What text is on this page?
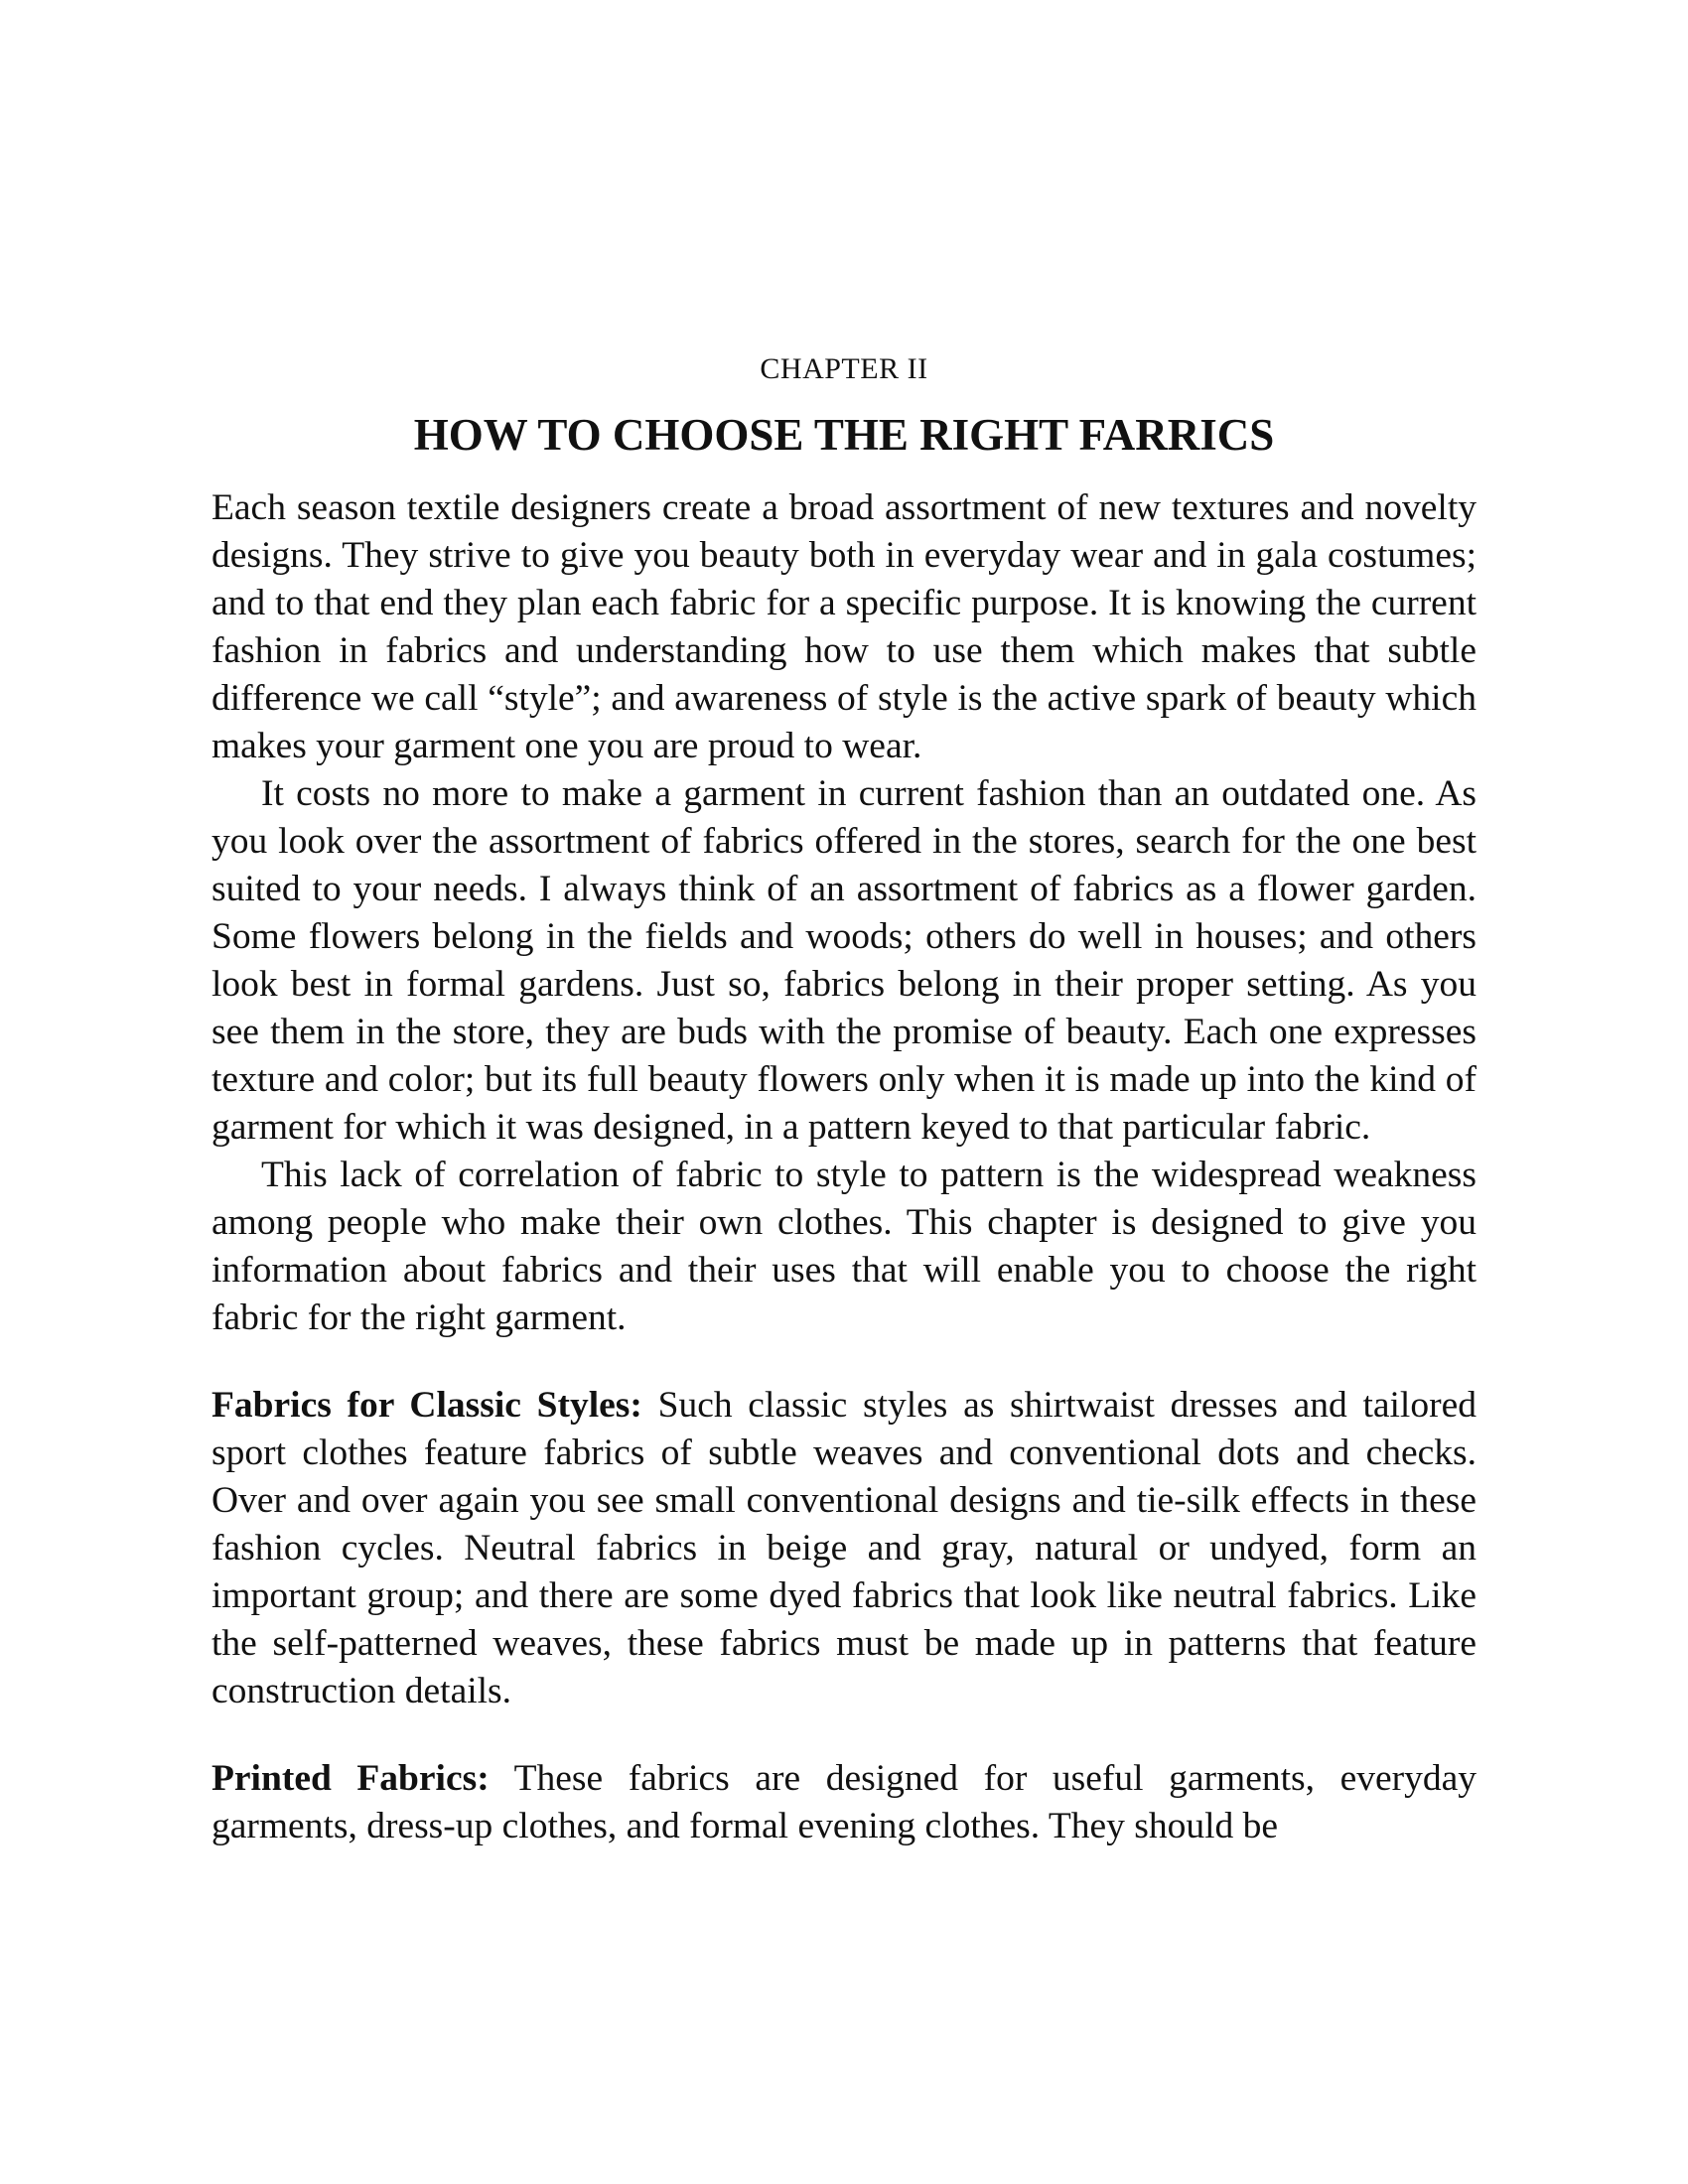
CHAPTER II

HOW TO CHOOSE THE RIGHT FARRICS

Each season textile designers create a broad assortment of new textures and novelty designs. They strive to give you beauty both in everyday wear and in gala costumes; and to that end they plan each fabric for a specific purpose. It is knowing the current fashion in fabrics and understanding how to use them which makes that subtle difference we call “style”; and awareness of style is the active spark of beauty which makes your garment one you are proud to wear.

It costs no more to make a garment in current fashion than an outdated one. As you look over the assortment of fabrics offered in the stores, search for the one best suited to your needs. I always think of an assortment of fabrics as a flower garden. Some flowers belong in the fields and woods; others do well in houses; and others look best in formal gardens. Just so, fabrics belong in their proper setting. As you see them in the store, they are buds with the promise of beauty. Each one expresses texture and color; but its full beauty flowers only when it is made up into the kind of garment for which it was designed, in a pattern keyed to that particular fabric.

This lack of correlation of fabric to style to pattern is the widespread weakness among people who make their own clothes. This chapter is designed to give you information about fabrics and their uses that will enable you to choose the right fabric for the right garment.

Fabrics for Classic Styles: Such classic styles as shirtwaist dresses and tailored sport clothes feature fabrics of subtle weaves and conventional dots and checks. Over and over again you see small conventional designs and tie-silk effects in these fashion cycles. Neutral fabrics in beige and gray, natural or undyed, form an important group; and there are some dyed fabrics that look like neutral fabrics. Like the self-patterned weaves, these fabrics must be made up in patterns that feature construction details.

Printed Fabrics: These fabrics are designed for useful garments, everyday garments, dress-up clothes, and formal evening clothes. They should be
